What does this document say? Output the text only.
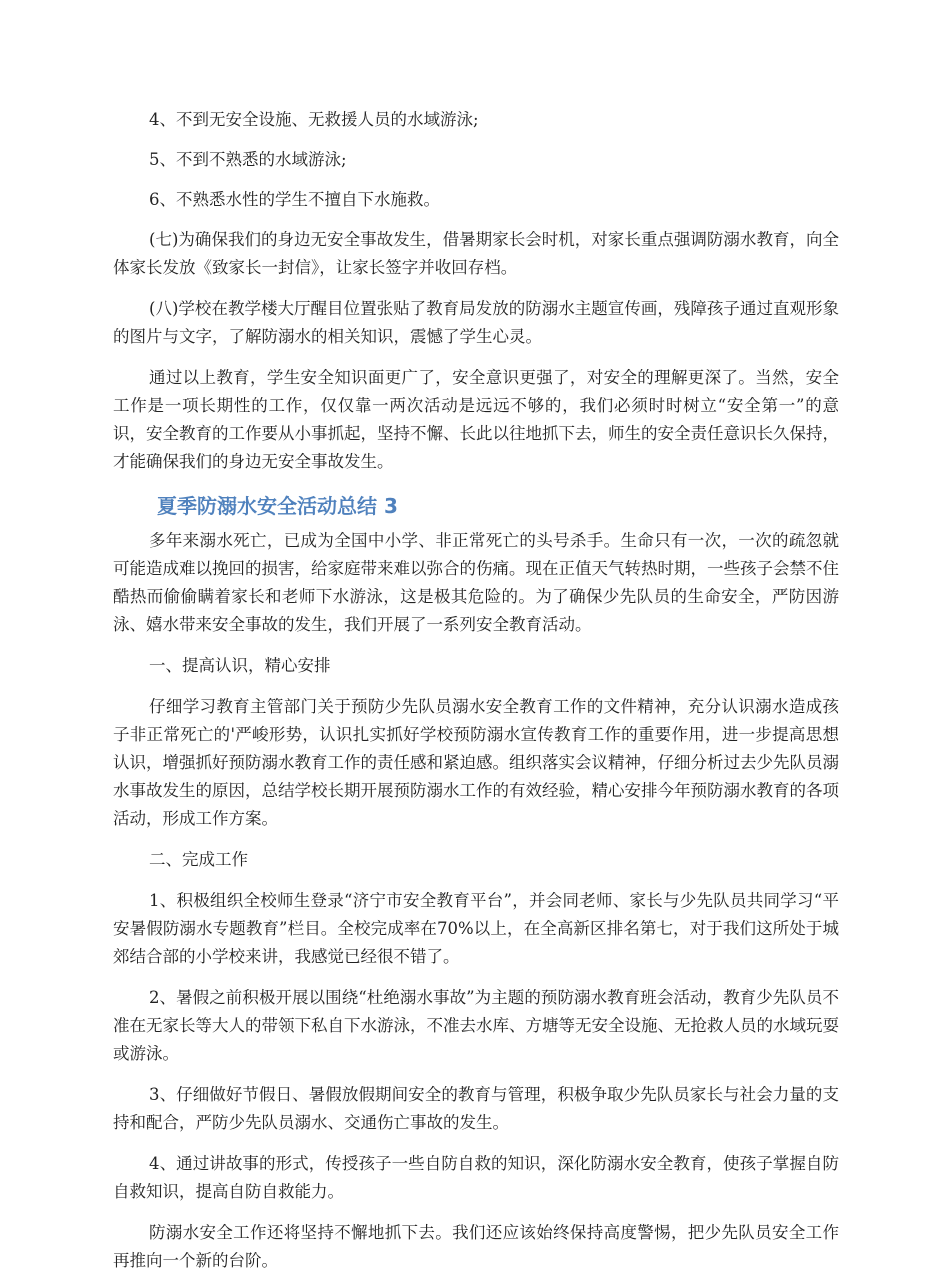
4、不到无安全设施、无救援人员的水域游泳;

5、不到不熟悉的水域游泳;

6、不熟悉水性的学生不擅自下水施救。

(七)为确保我们的身边无安全事故发生，借暑期家长会时机，对家长重点强调防溺水教育，向全体家长发放《致家长一封信》，让家长签字并收回存档。

(八)学校在教学楼大厅醒目位置张贴了教育局发放的防溺水主题宣传画，残障孩子通过直观形象的图片与文字，了解防溺水的相关知识，震憾了学生心灵。

通过以上教育，学生安全知识面更广了，安全意识更强了，对安全的理解更深了。当然，安全工作是一项长期性的工作，仅仅靠一两次活动是远远不够的，我们必须时时树立“安全第一”的意识，安全教育的工作要从小事抓起，坚持不懈、长此以往地抓下去，师生的安全责任意识长久保持，才能确保我们的身边无安全事故发生。

夏季防溺水安全活动总结 3

多年来溺水死亡，已成为全国中小学、非正常死亡的头号杀手。生命只有一次，一次的疏忽就可能造成难以挽回的损害，给家庭带来难以弥合的伤痛。现在正值天气转热时期，一些孩子会禁不住酷热而偷偷瞒着家长和老师下水游泳，这是极其危险的。为了确保少先队员的生命安全，严防因游泳、嬉水带来安全事故的发生，我们开展了一系列安全教育活动。

一、提高认识，精心安排

仔细学习教育主管部门关于预防少先队员溺水安全教育工作的文件精神，充分认识溺水造成孩子非正常死亡的'严峻形势，认识扎实抓好学校预防溺水宣传教育工作的重要作用，进一步提高思想认识，增强抓好预防溺水教育工作的责任感和紧迫感。组织落实会议精神，仔细分析过去少先队员溺水事故发生的原因，总结学校长期开展预防溺水工作的有效经验，精心安排今年预防溺水教育的各项活动，形成工作方案。

二、完成工作

1、积极组织全校师生登录“济宁市安全教育平台”，并会同老师、家长与少先队员共同学习“平安暑假防溺水专题教育”栏目。全校完成率在70%以上，在全高新区排名第七，对于我们这所处于城郊结合部的小学校来讲，我感觉已经很不错了。

2、暑假之前积极开展以围绕“杜绝溺水事故”为主题的预防溺水教育班会活动，教育少先队员不准在无家长等大人的带领下私自下水游泳，不准去水库、方塘等无安全设施、无抢救人员的水域玩耍或游泳。

3、仔细做好节假日、暑假放假期间安全的教育与管理，积极争取少先队员家长与社会力量的支持和配合，严防少先队员溺水、交通伤亡事故的发生。

4、通过讲故事的形式，传授孩子一些自防自救的知识，深化防溺水安全教育，使孩子掌握自防自救知识，提高自防自救能力。

防溺水安全工作还将坚持不懈地抓下去。我们还应该始终保持高度警惕，把少先队员安全工作再推向一个新的台阶。
